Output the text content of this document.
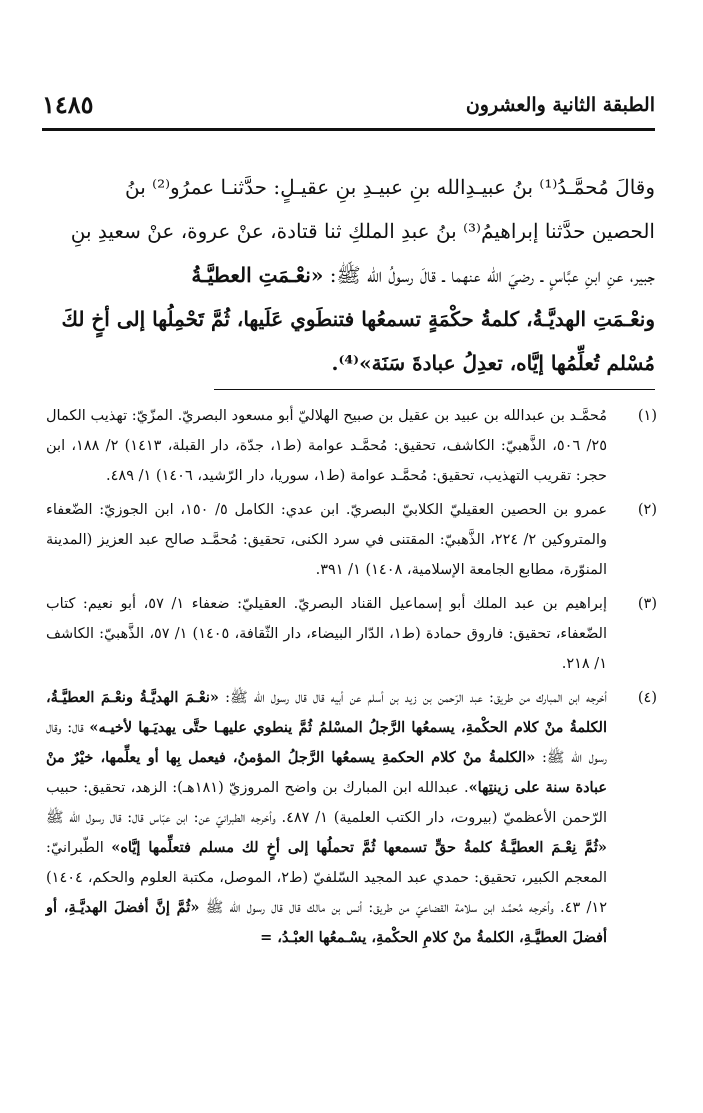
الطبقة الثانية والعشرون
١٤٨٥

وقالَ مُحمَّـدُ⁽¹⁾ بنُ عبيـدِالله بنِ عبيـدِ بنِ عقيـلٍ: حدَّثنـا عمرُو⁽²⁾ بنُ

الحصين حدَّثنا إبراهيمُ⁽³⁾ بنُ عبدِ الملكِ ثنا قتادة، عنْ عروة، عنْ سعيدِ بنِ

جبير، عنِ ابنِ عبَّاسٍ ـ رضيَ الله عنهما ـ قالَ رسولُ الله ﷺ: «نعْـمَتِ العطيَّـةُ

ونعْـمَتِ الهديَّـةُ، كلمةُ حكْمَةٍ تسمعُها فتنطَوي عَلَيها، ثُمَّ تَحْمِلُها إلى أخٍ لكَ

مُسْلم تُعلِّمُها إيَّاه، تعدِلُ عبادةَ سَنَة»⁽⁴⁾.

(١)
مُحمَّـد بن عبدالله بن عبيد بن عقيل بن صبيح الهلاليّ أبو مسعود البصريّ. المزّيّ: تهذيب الكمال ٢٥/ ٥٠٦، الذَّهبيّ: الكاشف، تحقيق: مُحمَّـد عوامة (ط١، جدّة، دار القبلة، ١٤١٣) ٢/ ١٨٨، ابن حجر: تقريب التهذيب، تحقيق: مُحمَّـد عوامة (ط١، سوريا، دار الرّشيد، ١٤٠٦) ١/ ٤٨٩.
(٢)
عمرو بن الحصين العقيليّ الكلابيّ البصريّ. ابن عدي: الكامل ٥/ ١٥٠، ابن الجوزيّ: الضّعفاء والمتروكين ٢/ ٢٢٤، الذَّهبيّ: المقتنى في سرد الكنى، تحقيق: مُحمَّـد صالح عبد العزيز (المدينة المنوّرة، مطابع الجامعة الإسلامية، ١٤٠٨) ١/ ٣٩١.
(٣)
إبراهيم بن عبد الملك أبو إسماعيل القناد البصريّ. العقيليّ: ضعفاء ١/ ٥٧، أبو نعيم: كتاب الضّعفاء، تحقيق: فاروق حمادة (ط١، الدّار البيضاء، دار الثّقافة، ١٤٠٥) ١/ ٥٧، الذَّهبيّ: الكاشف ١/ ٢١٨.
(٤)
أخرجه ابن المبارك من طريق: عبد الرّحمن بن زيد بن أسلم عن أبيه قال قال رسول الله ﷺ: «نعْـمَ الهديَّـةُ ونعْـمَ العطيَّـةُ، الكلمةُ منْ كلام الحكْمةِ، يسمعُها الرَّجلُ المسْلمُ ثُمَّ ينطوي عليهـا حتَّى يهديَـها لأخيـه» قال: وقال رسول الله ﷺ: «الكلمةُ منْ كلام الحكمةِ يسمعُها الرَّجلُ المؤمنُ، فيعمل بِها أو يعلِّمها، خيْرٌ منْ عبادة سنة على زينتِها». عبدالله ابن المبارك بن واضح المروزيّ (١٨١هـ): الزهد، تحقيق: حبيب الرّحمن الأعظميّ (بيروت، دار الكتب العلمية) ١/ ٤٨٧. وأخرجه الطبرانيّ عن: ابن عبّاس قال: قال رسول الله ﷺ «ثُمَّ نِعْـمَ العطيَّـةُ كلمةُ حقٍّ تسمعها ثُمَّ تحملُها إلى أخٍ لك مسلم فتعلِّمها إيَّاه» الطّبرانيّ: المعجم الكبير، تحقيق: حمدي عبد المجيد السّلفيّ (ط٢، الموصل، مكتبة العلوم والحكم، ١٤٠٤) ١٢/ ٤٣. وأخرجه مُحمَّـد ابن سلامة القضاعيّ من طريق: أنس بن مالك قال قال رسول الله ﷺ «ثُمَّ إنَّ أفضلَ الهديَّـةِ، أو أفضلَ العطيَّـةِ، الكلمةُ منْ كلامِ الحكْمةِ، يسْـمعُها العبْـدُ، =
